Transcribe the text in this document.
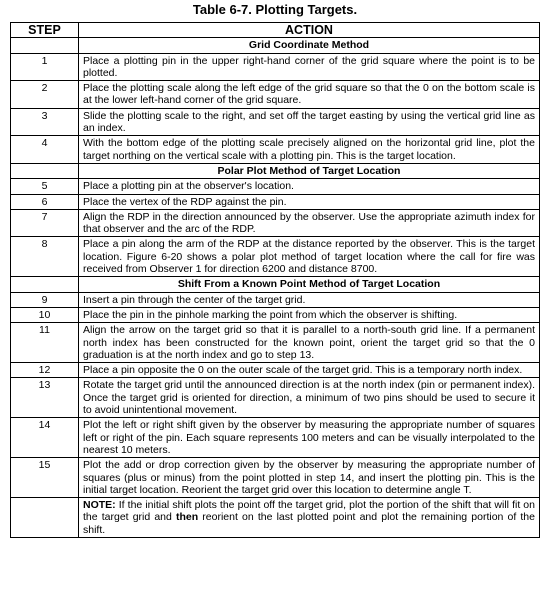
Table 6-7. Plotting Targets.
STEP	ACTION
	Grid Coordinate Method
1	Place a plotting pin in the upper right-hand corner of the grid square where the point is to be plotted.
2	Place the plotting scale along the left edge of the grid square so that the 0 on the bottom scale is at the lower left-hand corner of the grid square.
3	Slide the plotting scale to the right, and set off the target easting by using the vertical grid line as an index.
4	With the bottom edge of the plotting scale precisely aligned on the horizontal grid line, plot the target northing on the vertical scale with a plotting pin. This is the target location.
	Polar Plot Method of Target Location
5	Place a plotting pin at the observer's location.
6	Place the vertex of the RDP against the pin.
7	Align the RDP in the direction announced by the observer. Use the appropriate azimuth index for that observer and the arc of the RDP.
8	Place a pin along the arm of the RDP at the distance reported by the observer. This is the target location. Figure 6-20 shows a polar plot method of target location where the call for fire was received from Observer 1 for direction 6200 and distance 8700.
	Shift From a Known Point Method of Target Location
9	Insert a pin through the center of the target grid.
10	Place the pin in the pinhole marking the point from which the observer is shifting.
11	Align the arrow on the target grid so that it is parallel to a north-south grid line. If a permanent north index has been constructed for the known point, orient the target grid so that the 0 graduation is at the north index and go to step 13.
12	Place a pin opposite the 0 on the outer scale of the target grid. This is a temporary north index.
13	Rotate the target grid until the announced direction is at the north index (pin or permanent index). Once the target grid is oriented for direction, a minimum of two pins should be used to secure it to avoid unintentional movement.
14	Plot the left or right shift given by the observer by measuring the appropriate number of squares left or right of the pin. Each square represents 100 meters and can be visually interpolated to the nearest 10 meters.
15	Plot the add or drop correction given by the observer by measuring the appropriate number of squares (plus or minus) from the point plotted in step 14, and insert the plotting pin. This is the initial target location. Reorient the target grid over this location to determine angle T.
	NOTE: If the initial shift plots the point off the target grid, plot the portion of the shift that will fit on the target grid and then reorient on the last plotted point and plot the remaining portion of the shift.
